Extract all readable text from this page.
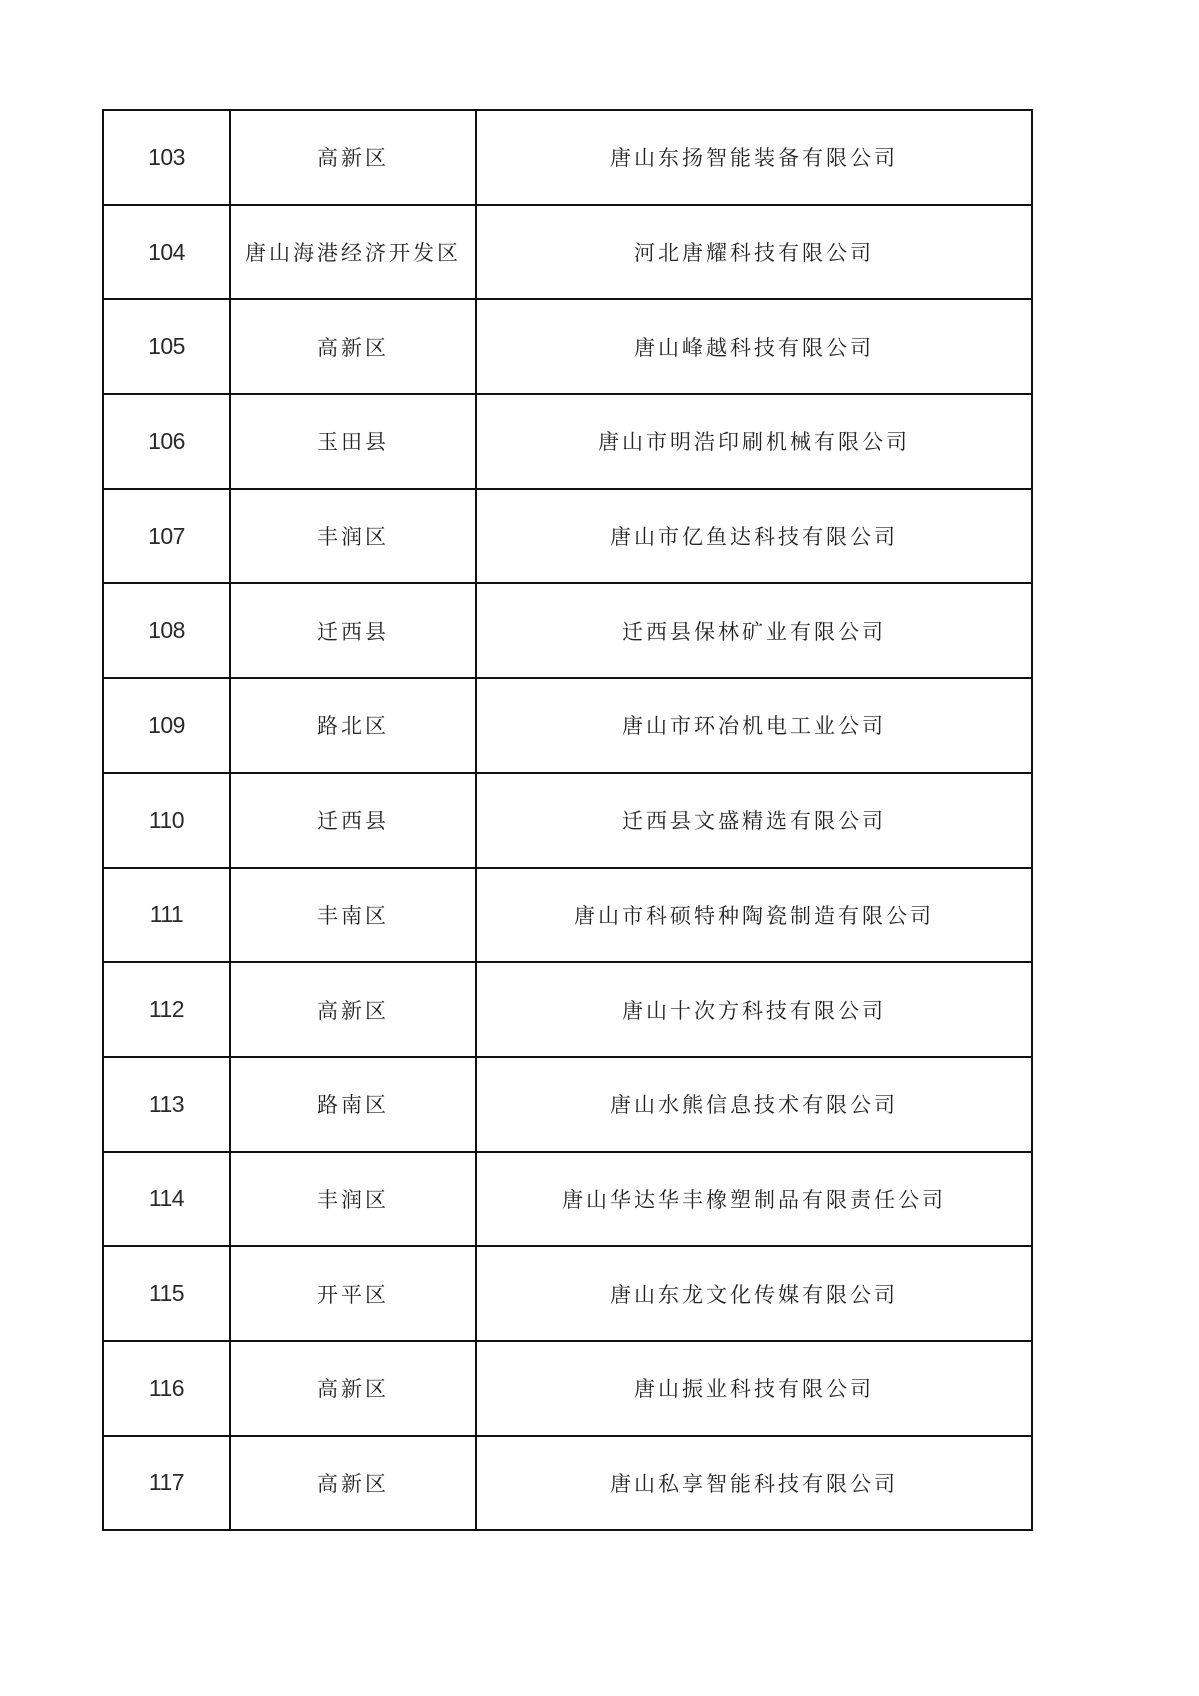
103	高新区	唐山东扬智能装备有限公司
104	唐山海港经济开发区	河北唐耀科技有限公司
105	高新区	唐山峰越科技有限公司
106	玉田县	唐山市明浩印刷机械有限公司
107	丰润区	唐山市亿鱼达科技有限公司
108	迁西县	迁西县保林矿业有限公司
109	路北区	唐山市环冶机电工业公司
110	迁西县	迁西县文盛精选有限公司
111	丰南区	唐山市科硕特种陶瓷制造有限公司
112	高新区	唐山十次方科技有限公司
113	路南区	唐山水熊信息技术有限公司
114	丰润区	唐山华达华丰橡塑制品有限责任公司
115	开平区	唐山东龙文化传媒有限公司
116	高新区	唐山振业科技有限公司
117	高新区	唐山私享智能科技有限公司
